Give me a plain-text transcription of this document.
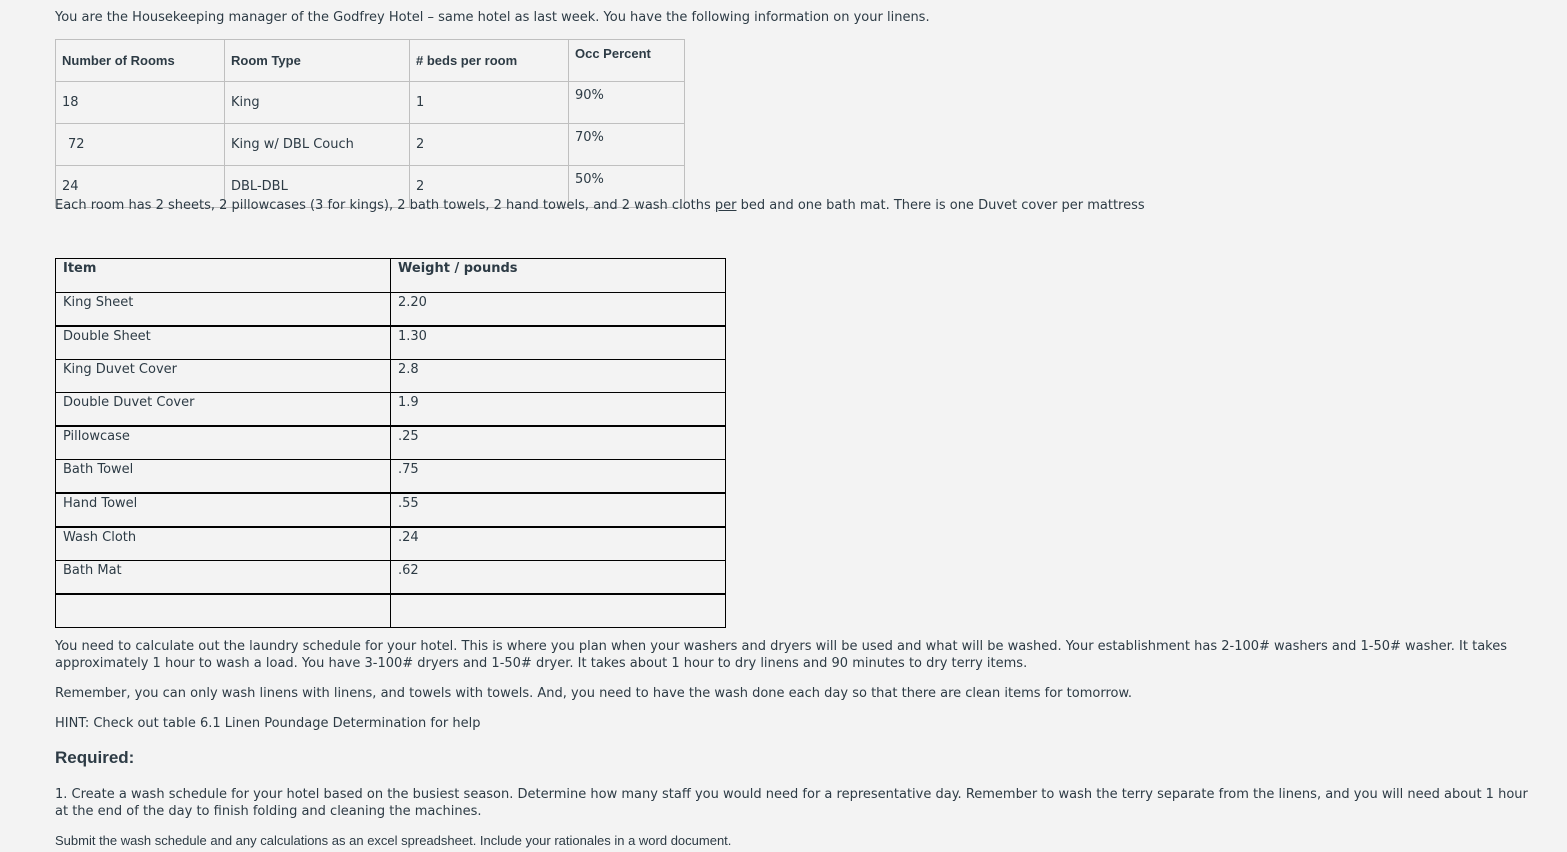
You are the Housekeeping manager of the Godfrey Hotel – same hotel as last week. You have the following information on your linens.

Number of Rooms	Room Type	# beds per room	Occ Percent
18	King	1	90%
72	King w/ DBL Couch	2	70%
24	DBL-DBL	2	50%

Each room has 2 sheets, 2 pillowcases (3 for kings), 2 bath towels, 2 hand towels, and 2 wash cloths per bed and one bath mat. There is one Duvet cover per mattress

Item	Weight / pounds
King Sheet	2.20
Double Sheet	1.30
King Duvet Cover	2.8
Double Duvet Cover	1.9
Pillowcase	.25
Bath Towel	.75
Hand Towel	.55
Wash Cloth	.24
Bath Mat	.62

You need to calculate out the laundry schedule for your hotel. This is where you plan when your washers and dryers will be used and what will be washed. Your establishment has 2-100# washers and 1-50# washer. It takes approximately 1 hour to wash a load. You have 3-100# dryers and 1-50# dryer. It takes about 1 hour to dry linens and 90 minutes to dry terry items.

Remember, you can only wash linens with linens, and towels with towels. And, you need to have the wash done each day so that there are clean items for tomorrow.

HINT: Check out table 6.1 Linen Poundage Determination for help

Required:

1. Create a wash schedule for your hotel based on the busiest season. Determine how many staff you would need for a representative day. Remember to wash the terry separate from the linens, and you will need about 1 hour at the end of the day to finish folding and cleaning the machines.

Submit the wash schedule and any calculations as an excel spreadsheet. Include your rationales in a word document.
